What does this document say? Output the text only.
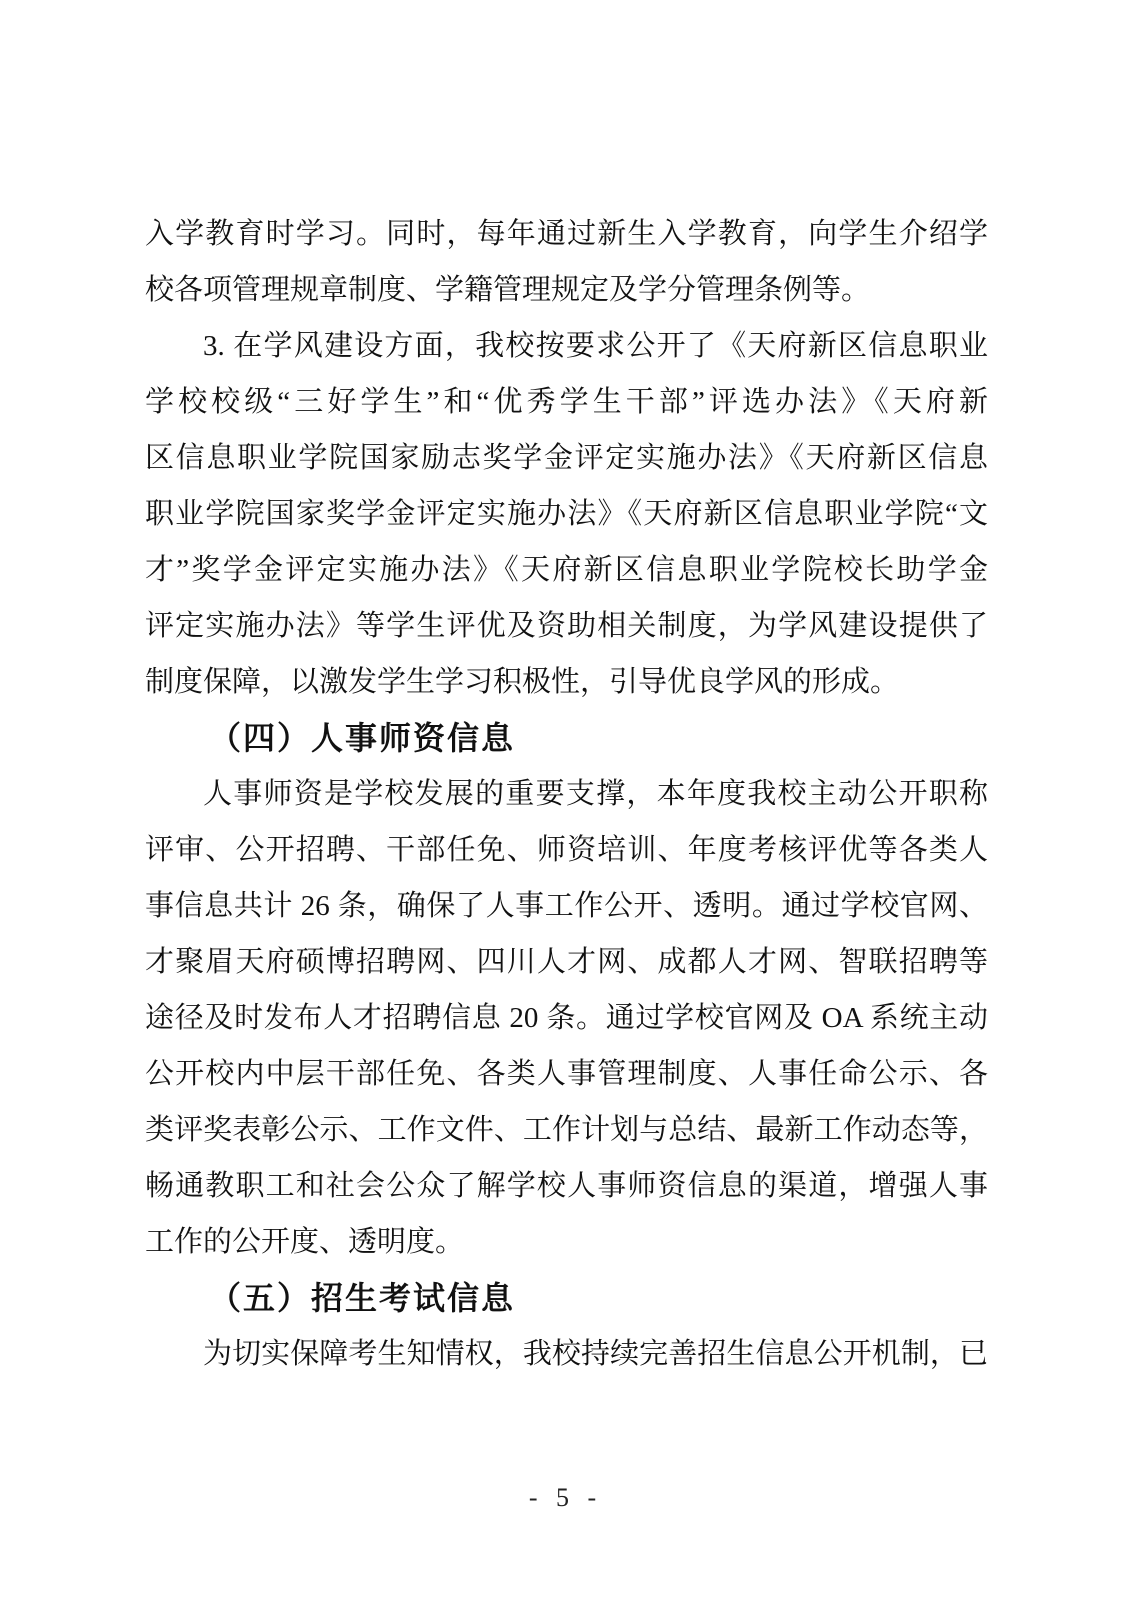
入学教育时学习。同时，每年通过新生入学教育，向学生介绍学
校各项管理规章制度、学籍管理规定及学分管理条例等。
3. 在学风建设方面，我校按要求公开了《天府新区信息职业
学校校级“三好学生”和“优秀学生干部”评选办法》《天府新
区信息职业学院国家励志奖学金评定实施办法》《天府新区信息
职业学院国家奖学金评定实施办法》《天府新区信息职业学院“文
才”奖学金评定实施办法》《天府新区信息职业学院校长助学金
评定实施办法》等学生评优及资助相关制度，为学风建设提供了
制度保障，以激发学生学习积极性，引导优良学风的形成。
（四）人事师资信息
人事师资是学校发展的重要支撑，本年度我校主动公开职称
评审、公开招聘、干部任免、师资培训、年度考核评优等各类人
事信息共计 26 条，确保了人事工作公开、透明。通过学校官网、
才聚眉天府硕博招聘网、四川人才网、成都人才网、智联招聘等
途径及时发布人才招聘信息 20 条。通过学校官网及 OA 系统主动
公开校内中层干部任免、各类人事管理制度、人事任命公示、各
类评奖表彰公示、工作文件、工作计划与总结、最新工作动态等，
畅通教职工和社会公众了解学校人事师资信息的渠道，增强人事
工作的公开度、透明度。
（五）招生考试信息
为切实保障考生知情权，我校持续完善招生信息公开机制，已
- 5 -
